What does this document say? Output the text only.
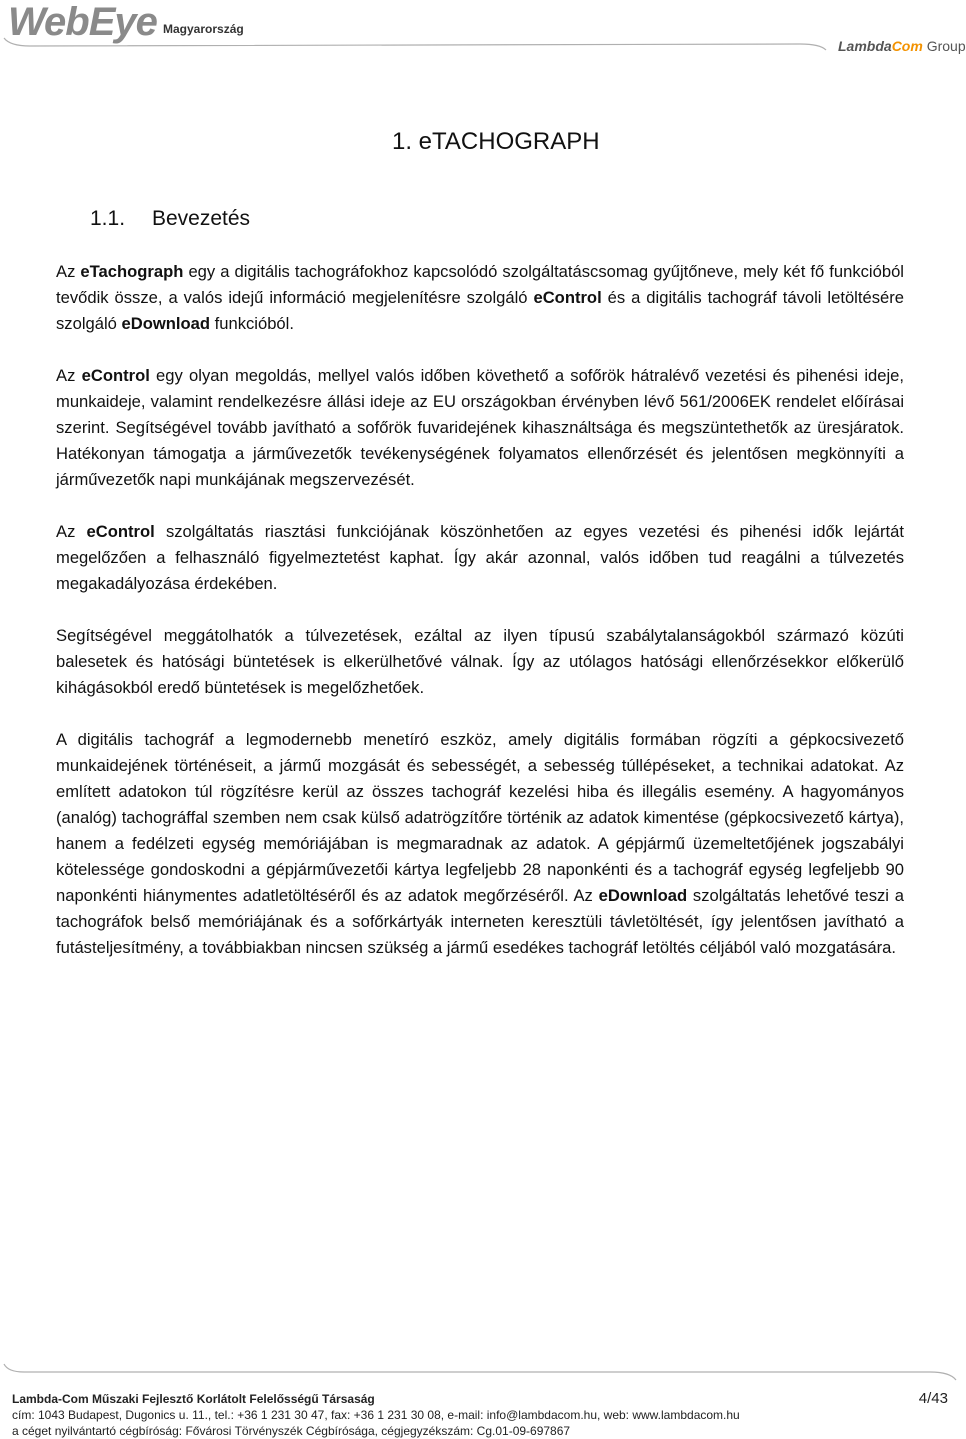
WebEye Magyarország
LambdaCom Group
1. eTACHOGRAPH
1.1. Bevezetés

Az eTachograph egy a digitális tachográfokhoz kapcsolódó szolgáltatáscsomag gyűjtőneve, mely két fő funkcióból tevődik össze, a valós idejű információ megjelenítésre szolgáló eControl és a digitális tachográf távoli letöltésére szolgáló eDownload funkcióból.

Az eControl egy olyan megoldás, mellyel valós időben követhető a sofőrök hátralévő vezetési és pihenési ideje, munkaideje, valamint rendelkezésre állási ideje az EU országokban érvényben lévő 561/2006EK rendelet előírásai szerint. Segítségével tovább javítható a sofőrök fuvaridejének kihasználtsága és megszüntethetők az üresjáratok. Hatékonyan támogatja a járművezetők tevékenységének folyamatos ellenőrzését és jelentősen megkönnyíti a járművezetők napi munkájának megszervezését.

Az eControl szolgáltatás riasztási funkciójának köszönhetően az egyes vezetési és pihenési idők lejártát megelőzően a felhasználó figyelmeztetést kaphat. Így akár azonnal, valós időben tud reagálni a túlvezetés megakadályozása érdekében.

Segítségével meggátolhatók a túlvezetések, ezáltal az ilyen típusú szabálytalanságokból származó közúti balesetek és hatósági büntetések is elkerülhetővé válnak. Így az utólagos hatósági ellenőrzésekkor előkerülő kihágásokból eredő büntetések is megelőzhetőek.

A digitális tachográf a legmodernebb menetíró eszköz, amely digitális formában rögzíti a gépkocsivezető munkaidejének történéseit, a jármű mozgását és sebességét, a sebesség túllépéseket, a technikai adatokat. Az említett adatokon túl rögzítésre kerül az összes tachográf kezelési hiba és illegális esemény. A hagyományos (analóg) tachográffal szemben nem csak külső adatrögzítőre történik az adatok kimentése (gépkocsivezető kártya), hanem a fedélzeti egység memóriájában is megmaradnak az adatok. A gépjármű üzemeltetőjének jogszabályi kötelessége gondoskodni a gépjárművezetői kártya legfeljebb 28 naponkénti és a tachográf egység legfeljebb 90 naponkénti hiánymentes adatletöltéséről és az adatok megőrzéséről. Az eDownload szolgáltatás lehetővé teszi a tachográfok belső memóriájának és a sofőrkártyák interneten keresztüli távletöltését, így jelentősen javítható a futásteljesítmény, a továbbiakban nincsen szükség a jármű esedékes tachográf letöltés céljából való mozgatására.

Lambda-Com Műszaki Fejlesztő Korlátolt Felelősségű Társaság
cím: 1043 Budapest, Dugonics u. 11., tel.: +36 1 231 30 47, fax: +36 1 231 30 08, e-mail: info@lambdacom.hu, web: www.lambdacom.hu
a céget nyilvántartó cégbíróság: Fővárosi Törvényszék Cégbírósága, cégjegyzékszám: Cg.01-09-697867
4/43
